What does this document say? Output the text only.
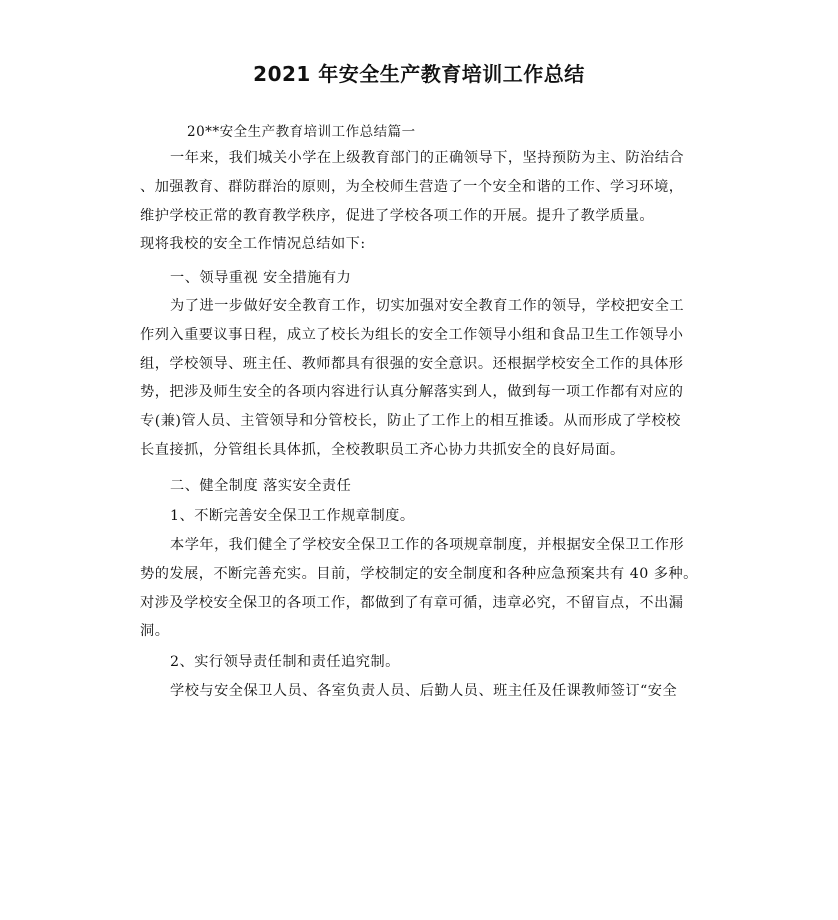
2021 年安全生产教育培训工作总结
20**安全生产教育培训工作总结篇一
一年来，我们城关小学在上级教育部门的正确领导下，坚持预防为主、防治结合
、加强教育、群防群治的原则，为全校师生营造了一个安全和谐的工作、学习环境，
维护学校正常的教育教学秩序，促进了学校各项工作的开展。提升了教学质量。
现将我校的安全工作情况总结如下:
一、领导重视 安全措施有力
为了进一步做好安全教育工作，切实加强对安全教育工作的领导，学校把安全工
作列入重要议事日程，成立了校长为组长的安全工作领导小组和食品卫生工作领导小
组，学校领导、班主任、教师都具有很强的安全意识。还根据学校安全工作的具体形
势，把涉及师生安全的各项内容进行认真分解落实到人，做到每一项工作都有对应的
专(兼)管人员、主管领导和分管校长，防止了工作上的相互推诿。从而形成了学校校
长直接抓，分管组长具体抓，全校教职员工齐心协力共抓安全的良好局面。
二、健全制度 落实安全责任
1、不断完善安全保卫工作规章制度。
本学年，我们健全了学校安全保卫工作的各项规章制度，并根据安全保卫工作形
势的发展，不断完善充实。目前，学校制定的安全制度和各种应急预案共有 40 多种。
对涉及学校安全保卫的各项工作，都做到了有章可循，违章必究，不留盲点，不出漏
洞。
2、实行领导责任制和责任追究制。
学校与安全保卫人员、各室负责人员、后勤人员、班主任及任课教师签订“安全
